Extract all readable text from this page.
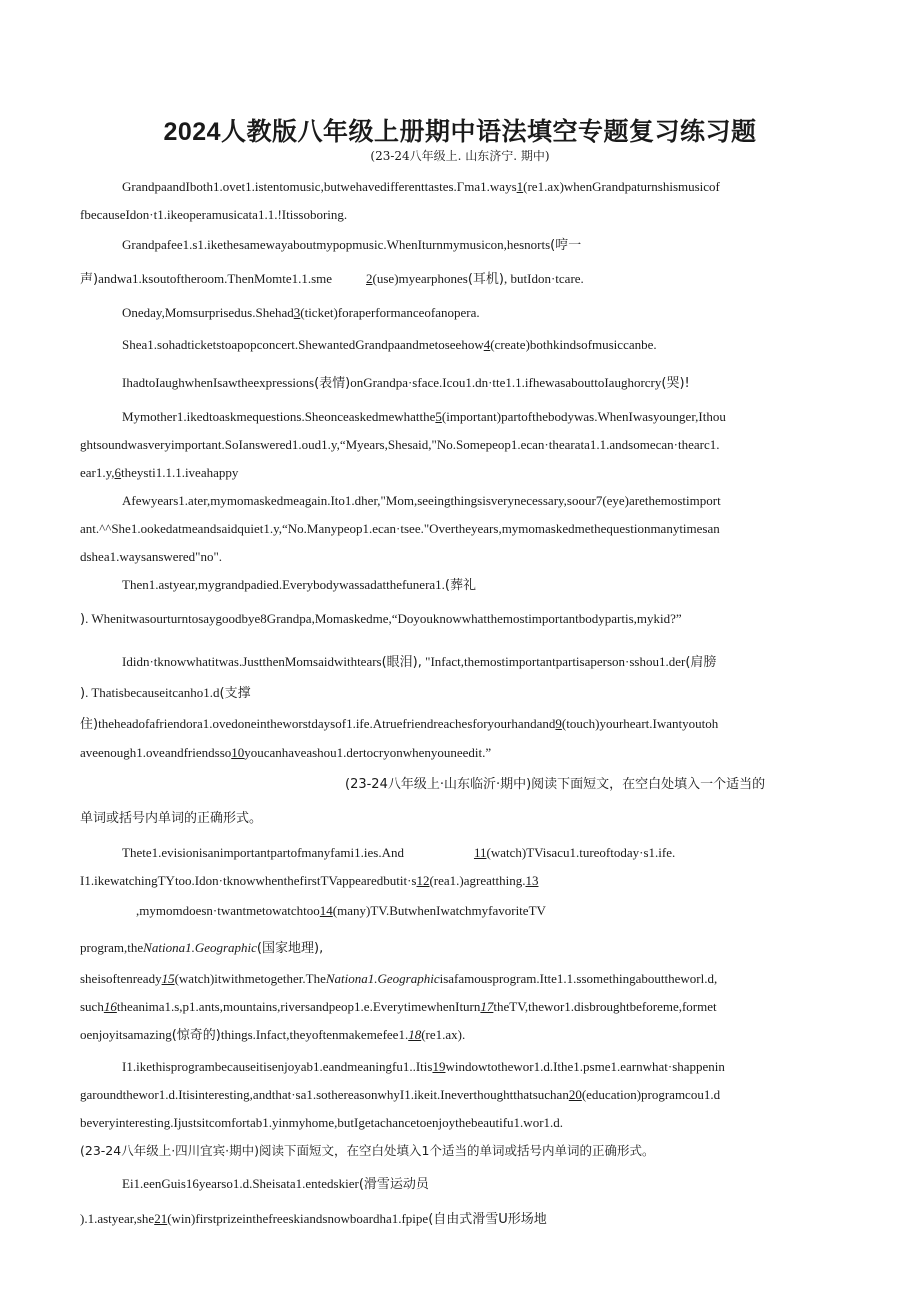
2024人教版八年级上册期中语法填空专题复习练习题
(23-24八年级上. 山东济宁. 期中)
GrandpaandIboth1.ovet1.istentomusic,butwehavedifferenttastes.Гma1.ways1(re1.ax)whenGrandpaturnshismusicof
fbecauseIdon·t1.ikeoperamusicata1.1.!Itissoboring.
Grandpafee1.s1.ikethesamewayaboutmypopmusic.WhenIturnmymusicon,hesnorts(哼一
声)andwa1.ksoutoftheroom.ThenMomte1.1.sme	2(use)myearphones(耳机), butIdon·tcare.
Oneday,Momsurprisedus.Shehad3(ticket)foraperformanceofanopera.
Shea1.sohadticketstoapopconcert.ShewantedGrandpaandmetoseehow4(create)bothkindsofmusiccanbe.
IhadtoIaughwhenIsawtheexpressions(表情)onGrandpa·sface.Icou1.dn·tte1.1.ifhewasabouttoIaughorcry(哭)!
Mymother1.ikedtoaskmequestions.Sheonceaskedmewhatthe5(important)partofthebodywas.WhenIwasyounger,Ithou
ghtsoundwasveryimportant.SoIanswered1.oud1.y,“Myears,Shesaid,"No.Somepeop1.ecan·thearata1.1.andsomecan·thearc1.
ear1.y,6theysti1.1.1.iveahappy
Afewyears1.ater,mymomaskedmeagain.Ito1.dher,"Mom,seeingthingsisverynecessary,soour7(eye)arethemostimport
ant.^^She1.ookedatmeandsaidquiet1.y,“No.Manypeop1.ecan·tsee."Overtheyears,mymomaskedmethequestionmanytimesan
dshea1.waysanswered"no".
Then1.astyear,mygrandpadied.Everybodywassadatthefunera1.(葬礼
). Whenitwasourturntosaygoodbye8Grandpa,Momaskedme,“Doyouknowwhatthemostimportantbodypartis,mykid?”
Ididn·tknowwhatitwas.JustthenMomsaidwithtears(眼泪), "Infact,themostimportantpartisaperson·sshou1.der(肩膀
). Thatisbecauseitcanho1.d(支撑
住)theheadofafriendora1.ovedoneintheworstdaysof1.ife.Atruefriendreachesforyourhandand9(touch)yourheart.Iwantyoutoh
aveenough1.oveandfriendsso10youcanhaveashou1.dertocryonwhenyouneedit.”
(23-24八年级上·山东临沂·期中)阅读下面短文，在空白处填入一个适当的
单词或括号内单词的正确形式。
Thete1.evisionisanimportantpartofmanyfami1.ies.And	11(watch)TVisacu1.tureoftoday·s1.ife.
I1.ikewatchingTYtoo.Idon·tknowwhenthefirstTVappearedbutit·s12(rea1.)agreatthing.13
,mymomdoesn·twantmetowatchtoo14(many)TV.ButwhenIwatchmyfavoriteTV
program,theNationa1.Geographic(国家地理),
sheisoftenready15(watch)itwithmetogether.TheNationa1.Geographicisafamousprogram.Itte1.1.ssomethingabouttheworl.d,
such16theanima1.s,p1.ants,mountains,riversandpeop1.e.EverytimewhenIturn17theTV,thewor1.disbroughtbeforeme,formet
oenjoyitsamazing(惊奇的)things.Infact,theyoftenmakemefee1.18(re1.ax).
I1.ikethisprogrambecauseitisenjoyab1.eandmeaningfu1..Itis19windowtothewor1.d.Ithe1.psme1.earnwhat·shappenin
garoundthewor1.d.Itisinteresting,andthat·sa1.sothereasonwhyI1.ikeit.Ineverthoughtthatsuchan20(education)programcou1.d
beveryinteresting.Ijustsitcomfortab1.yinmyhome,butIgetachancetoenjoythebeautifu1.wor1.d.
(23-24八年级上·四川宜宾·期中)阅读下面短文，在空白处填入1个适当的单词或括号内单词的正确形式。
Ei1.eenGuis16yearso1.d.Sheisata1.entedskier(滑雪运动员
).1.astyear,she21(win)firstprizeinthefreeskiandsnowboardha1.fpipe(自由式滑雪U形场地
